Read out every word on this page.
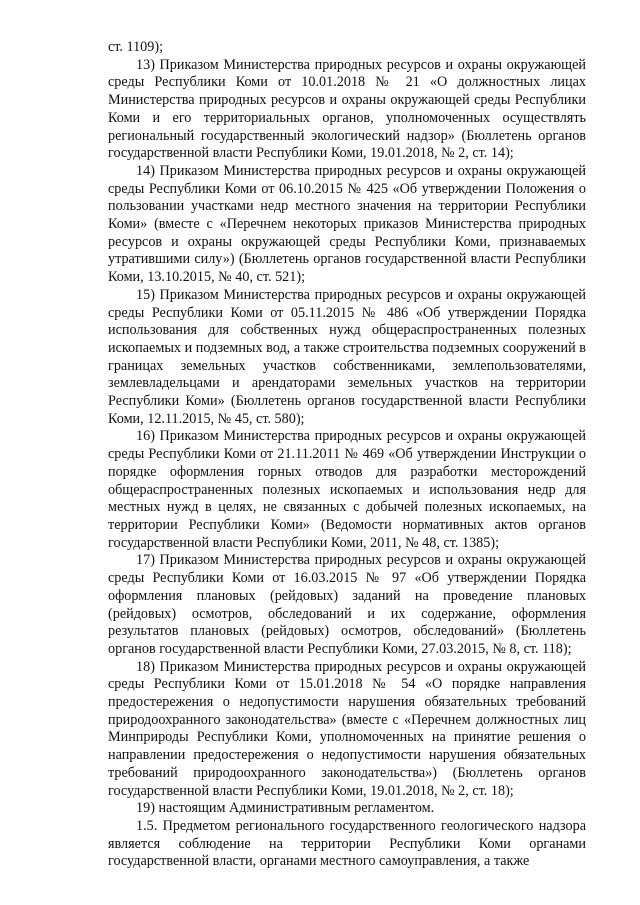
ст. 1109);

13) Приказом Министерства природных ресурсов и охраны окружающей среды Республики Коми от 10.01.2018 № 21 «О должностных лицах Министерства природных ресурсов и охраны окружающей среды Республики Коми и его территориальных органов, уполномоченных осуществлять региональный государственный экологический надзор» (Бюллетень органов государственной власти Республики Коми, 19.01.2018, № 2, ст. 14);

14) Приказом Министерства природных ресурсов и охраны окружающей среды Республики Коми от 06.10.2015 № 425 «Об утверждении Положения о пользовании участками недр местного значения на территории Республики Коми» (вместе с «Перечнем некоторых приказов Министерства природных ресурсов и охраны окружающей среды Республики Коми, признаваемых утратившими силу») (Бюллетень органов государственной власти Республики Коми, 13.10.2015, № 40, ст. 521);

15) Приказом Министерства природных ресурсов и охраны окружающей среды Республики Коми от 05.11.2015 № 486 «Об утверждении Порядка использования для собственных нужд общераспространенных полезных ископаемых и подземных вод, а также строительства подземных сооружений в границах земельных участков собственниками, землепользователями, землевладельцами и арендаторами земельных участков на территории Республики Коми» (Бюллетень органов государственной власти Республики Коми, 12.11.2015, № 45, ст. 580);

16) Приказом Министерства природных ресурсов и охраны окружающей среды Республики Коми от 21.11.2011 № 469 «Об утверждении Инструкции о порядке оформления горных отводов для разработки месторождений общераспространенных полезных ископаемых и использования недр для местных нужд в целях, не связанных с добычей полезных ископаемых, на территории Республики Коми» (Ведомости нормативных актов органов государственной власти Республики Коми, 2011, № 48, ст. 1385);

17) Приказом Министерства природных ресурсов и охраны окружающей среды Республики Коми от 16.03.2015 № 97 «Об утверждении Порядка оформления плановых (рейдовых) заданий на проведение плановых (рейдовых) осмотров, обследований и их содержание, оформления результатов плановых (рейдовых) осмотров, обследований» (Бюллетень органов государственной власти Республики Коми, 27.03.2015, № 8, ст. 118);

18) Приказом Министерства природных ресурсов и охраны окружающей среды Республики Коми от 15.01.2018 № 54 «О порядке направления предостережения о недопустимости нарушения обязательных требований природоохранного законодательства» (вместе с «Перечнем должностных лиц Минприроды Республики Коми, уполномоченных на принятие решения о направлении предостережения о недопустимости нарушения обязательных требований природоохранного законодательства») (Бюллетень органов государственной власти Республики Коми, 19.01.2018, № 2, ст. 18);

19) настоящим Административным регламентом.

1.5. Предметом регионального государственного геологического надзора является соблюдение на территории Республики Коми органами государственной власти, органами местного самоуправления, а также
